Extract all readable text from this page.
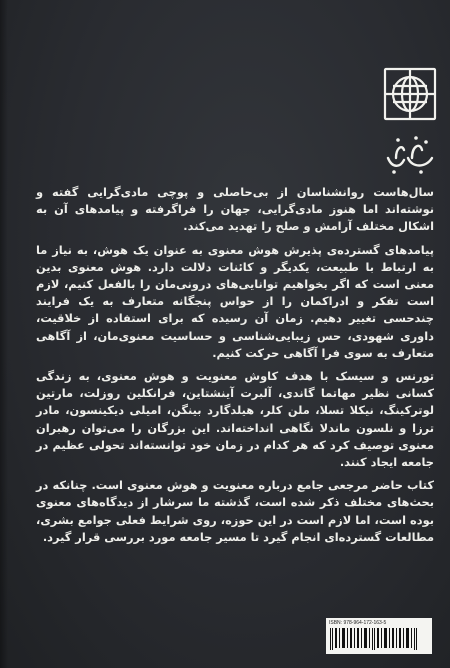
سال‌هاست روانشناسان از بی‌حاصلی و پوچی مادی‌گرایی گفته و نوشته‌اند اما هنوز مادی‌گرایی، جهان را فراگرفته و پیامدهای آن به اشکال مختلف آرامش و صلح را تهدید می‌کند.

پیامدهای گسترده‌ی پذیرش هوش معنوی به عنوان یک هوش، به نیاز ما به ارتباط با طبیعت، یکدیگر و کائنات دلالت دارد. هوش معنوی بدین معنی است که اگر بخواهیم توانایی‌های درونی‌مان را بالفعل کنیم، لازم است تفکر و ادراکمان را از حواس پنجگانه متعارف به یک فرایند چندحسی تغییر دهیم. زمان آن رسیده که برای استفاده از خلاقیت، داوری شهودی، حس زیبایی‌شناسی و حساسیت معنوی‌مان، از آگاهی متعارف به سوی فرا آگاهی حرکت کنیم.

تورنس و سیسک با هدف کاوش معنویت و هوش معنوی، به زندگی کسانی نظیر مهاتما گاندی، آلبرت آینشتاین، فرانکلین روزلت، مارتین لوترکینگ، نیکلا تسلا، ملن کلر، هیلدگارد بینگن، امیلی دیکینسون، مادر ترزا و نلسون ماندلا نگاهی انداخته‌اند. این بزرگان را می‌توان رهبران معنوی توصیف کرد که هر کدام در زمان خود توانسته‌اند تحولی عظیم در جامعه ایجاد کنند.

کتاب حاضر مرجعی جامع درباره معنویت و هوش معنوی است. چنانکه در بحث‌های مختلف ذکر شده است، گذشته ما سرشار از دیدگاه‌های معنوی بوده است، اما لازم است در این حوزه، روی شرایط فعلی جوامع بشری، مطالعات گسترده‌ای انجام گیرد تا مسیر جامعه مورد بررسی قرار گیرد.

ISBN: 978-964-172-163-5
